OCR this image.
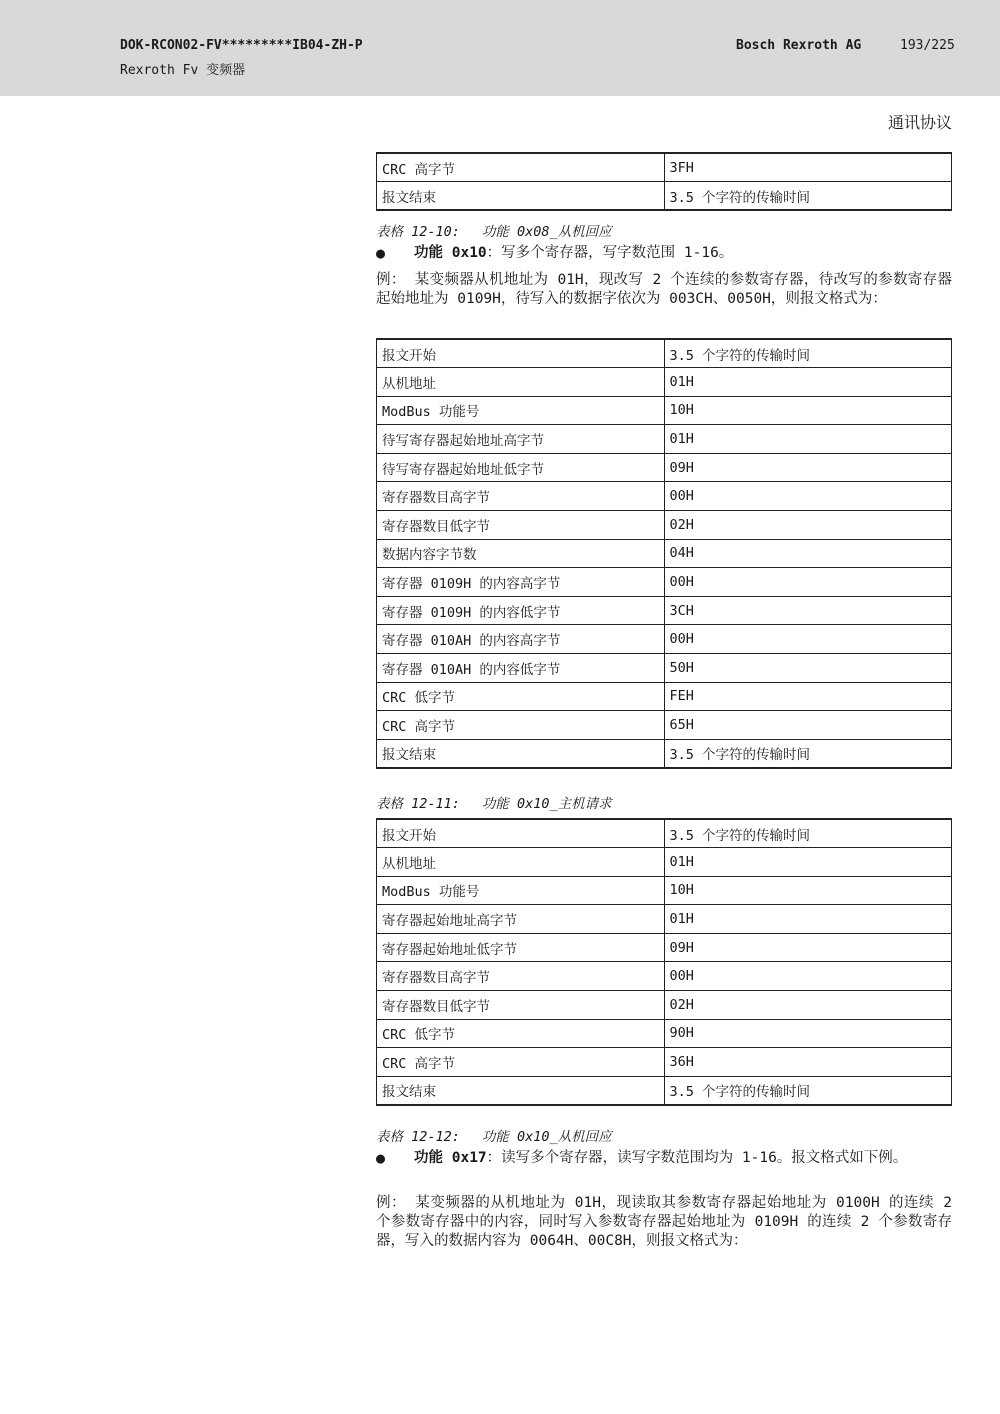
DOK-RCON02-FV*********IB04-ZH-P
Rexroth Fv 变频器
Bosch Rexroth AG	193/225
通讯协议
CRC 高字节	3FH
报文结束	3.5 个字符的传输时间
表格 12-10: 功能 0x08_从机回应
● 功能 0x10：写多个寄存器，写字数范围 1-16。
例： 某变频器从机地址为 01H，现改写 2 个连续的参数寄存器，待改写的参数寄存器起始地址为 0109H，待写入的数据字依次为 003CH、0050H，则报文格式为：
报文开始	3.5 个字符的传输时间
从机地址	01H
ModBus 功能号	10H
待写寄存器起始地址高字节	01H
待写寄存器起始地址低字节	09H
寄存器数目高字节	00H
寄存器数目低字节	02H
数据内容字节数	04H
寄存器 0109H 的内容高字节	00H
寄存器 0109H 的内容低字节	3CH
寄存器 010AH 的内容高字节	00H
寄存器 010AH 的内容低字节	50H
CRC 低字节	FEH
CRC 高字节	65H
报文结束	3.5 个字符的传输时间
表格 12-11: 功能 0x10_主机请求
报文开始	3.5 个字符的传输时间
从机地址	01H
ModBus 功能号	10H
寄存器起始地址高字节	01H
寄存器起始地址低字节	09H
寄存器数目高字节	00H
寄存器数目低字节	02H
CRC 低字节	90H
CRC 高字节	36H
报文结束	3.5 个字符的传输时间
表格 12-12: 功能 0x10_从机回应
● 功能 0x17：读写多个寄存器，读写字数范围均为 1-16。报文格式如下例。
例： 某变频器的从机地址为 01H，现读取其参数寄存器起始地址为 0100H 的连续 2 个参数寄存器中的内容，同时写入参数寄存器起始地址为 0109H 的连续 2 个参数寄存器，写入的数据内容为 0064H、00C8H，则报文格式为：
